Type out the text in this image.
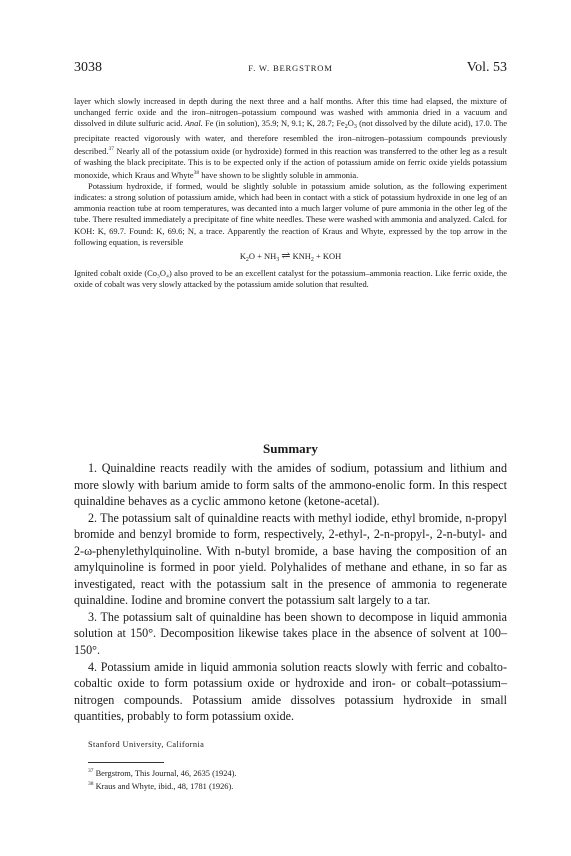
3038	F. W. BERGSTROM	Vol. 53

layer which slowly increased in depth during the next three and a half months. After this time had elapsed, the mixture of unchanged ferric oxide and the iron–nitrogen–potassium compound was washed with ammonia dried in a vacuum and dissolved in dilute sulfuric acid. Anal. Fe (in solution), 35.9; N, 9.1; K, 28.7; $Fe_2O_3$ (not dissolved by the dilute acid), 17.0. The precipitate reacted vigorously with water, and therefore resembled the iron–nitrogen–potassium compounds previously described.$^{37}$ Nearly all of the potassium oxide (or hydroxide) formed in this reaction was transferred to the other leg as a result of washing the black precipitate. This is to be expected only if the action of potassium amide on ferric oxide yields potassium monoxide, which Kraus and Whyte$^{38}$ have shown to be slightly soluble in ammonia.

Potassium hydroxide, if formed, would be slightly soluble in potassium amide solution, as the following experiment indicates: a strong solution of potassium amide, which had been in contact with a stick of potassium hydroxide in one leg of an ammonia reaction tube at room temperatures, was decanted into a much larger volume of pure ammonia in the other leg of the tube. There resulted immediately a precipitate of fine white needles. These were washed with ammonia and analyzed. Calcd. for KOH: K, 69.7. Found: K, 69.6; N, a trace. Apparently the reaction of Kraus and Whyte, expressed by the top arrow in the following equation, is reversible

$K_2O + NH_3$ ⇌ $KNH_2$ + KOH

Ignited cobalt oxide (Co₃O₄) also proved to be an excellent catalyst for the potassium–ammonia reaction. Like ferric oxide, the oxide of cobalt was very slowly attacked by the potassium amide solution that resulted.

Summary

1. Quinaldine reacts readily with the amides of sodium, potassium and lithium and more slowly with barium amide to form salts of the ammono-enolic form. In this respect quinaldine behaves as a cyclic ammono ketone (ketone-acetal).

2. The potassium salt of quinaldine reacts with methyl iodide, ethyl bromide, n-propyl bromide and benzyl bromide to form, respectively, 2-ethyl-, 2-n-propyl-, 2-n-butyl- and 2-ω-phenylethylquinoline. With n-butyl bromide, a base having the composition of an amylquinoline is formed in poor yield. Polyhalides of methane and ethane, in so far as investigated, react with the potassium salt in the presence of ammonia to regenerate quinaldine. Iodine and bromine convert the potassium salt largely to a tar.

3. The potassium salt of quinaldine has been shown to decompose in liquid ammonia solution at 150°. Decomposition likewise takes place in the absence of solvent at 100–150°.

4. Potassium amide in liquid ammonia solution reacts slowly with ferric and cobalto-cobaltic oxide to form potassium oxide or hydroxide and iron- or cobalt–potassium–nitrogen compounds. Potassium amide dissolves potassium hydroxide in small quantities, probably to form potassium oxide.

Stanford University, California
$^{37}$ Bergstrom, This Journal, 46, 2635 (1924).
$^{38}$ Kraus and Whyte, ibid., 48, 1781 (1926).
